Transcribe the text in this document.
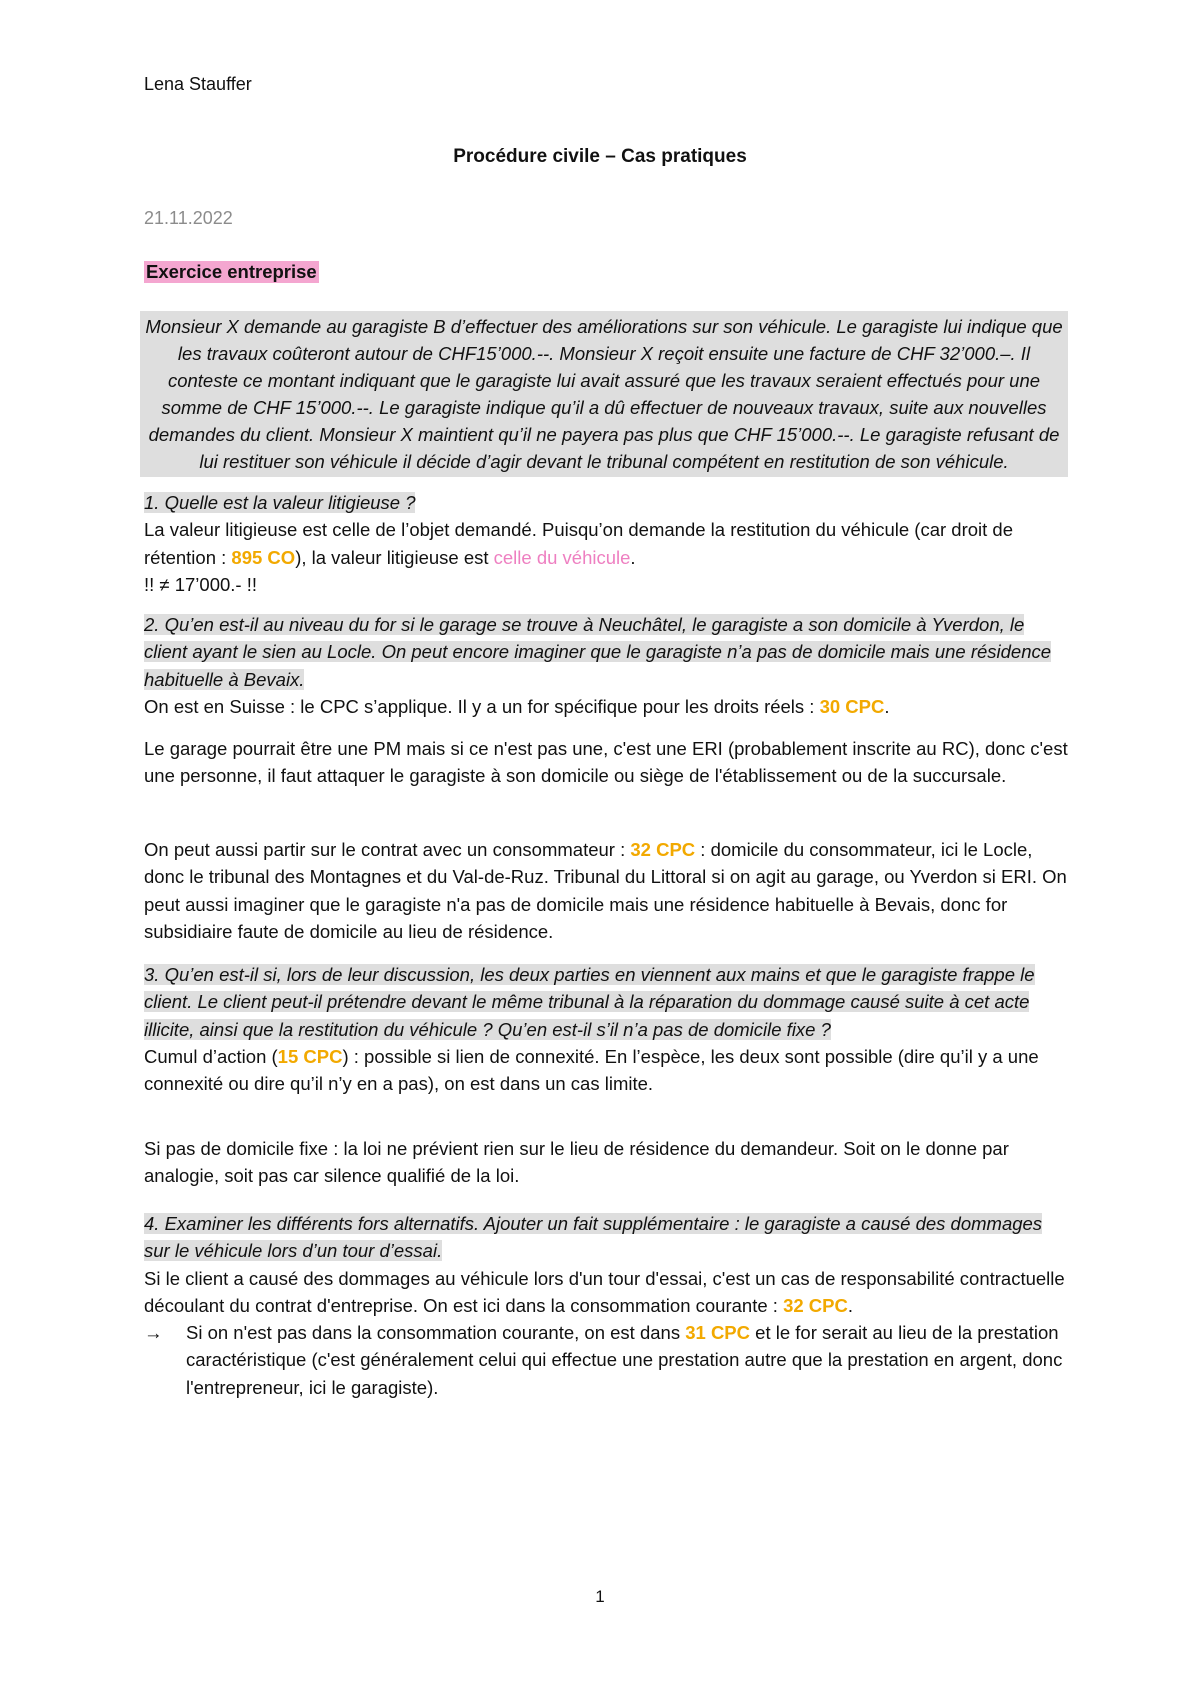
Lena Stauffer
Procédure civile – Cas pratiques
21.11.2022
Exercice entreprise
Monsieur X demande au garagiste B d’effectuer des améliorations sur son véhicule. Le garagiste lui indique que les travaux coûteront autour de CHF15’000.--. Monsieur X reçoit ensuite une facture de CHF 32’000.–. Il conteste ce montant indiquant que le garagiste lui avait assuré que les travaux seraient effectués pour une somme de CHF 15’000.--. Le garagiste indique qu’il a dû effectuer de nouveaux travaux, suite aux nouvelles demandes du client. Monsieur X maintient qu’il ne payera pas plus que CHF 15’000.--. Le garagiste refusant de lui restituer son véhicule il décide d’agir devant le tribunal compétent en restitution de son véhicule.

1. Quelle est la valeur litigieuse ?

La valeur litigieuse est celle de l’objet demandé. Puisqu’on demande la restitution du véhicule (car droit de rétention : 895 CO), la valeur litigieuse est celle du véhicule.

!! ≠ 17’000.- !!

2. Qu’en est-il au niveau du for si le garage se trouve à Neuchâtel, le garagiste a son domicile à Yverdon, le client ayant le sien au Locle. On peut encore imaginer que le garagiste n’a pas de domicile mais une résidence habituelle à Bevaix.

On est en Suisse : le CPC s’applique. Il y a un for spécifique pour les droits réels : 30 CPC.

Le garage pourrait être une PM mais si ce n'est pas une, c'est une ERI (probablement inscrite au RC), donc c'est une personne, il faut attaquer le garagiste à son domicile ou siège de l'établissement ou de la succursale.
On peut aussi partir sur le contrat avec un consommateur : 32 CPC : domicile du consommateur, ici le Locle, donc le tribunal des Montagnes et du Val-de-Ruz. Tribunal du Littoral si on agit au garage, ou Yverdon si ERI. On peut aussi imaginer que le garagiste n'a pas de domicile mais une résidence habituelle à Bevais, donc for subsidiaire faute de domicile au lieu de résidence.

3. Qu’en est-il si, lors de leur discussion, les deux parties en viennent aux mains et que le garagiste frappe le client. Le client peut-il prétendre devant le même tribunal à la réparation du dommage causé suite à cet acte illicite, ainsi que la restitution du véhicule ? Qu’en est-il s’il n’a pas de domicile fixe ?

Cumul d’action (15 CPC) : possible si lien de connexité. En l’espèce, les deux sont possible (dire qu’il y a une connexité ou dire qu’il n’y en a pas), on est dans un cas limite.

Si pas de domicile fixe : la loi ne prévient rien sur le lieu de résidence du demandeur. Soit on le donne par analogie, soit pas car silence qualifié de la loi.

4. Examiner les différents fors alternatifs. Ajouter un fait supplémentaire : le garagiste a causé des dommages sur le véhicule lors d’un tour d’essai.

Si le client a causé des dommages au véhicule lors d'un tour d'essai, c'est un cas de responsabilité contractuelle découlant du contrat d'entreprise. On est ici dans la consommation courante : 32 CPC.

→ Si on n'est pas dans la consommation courante, on est dans 31 CPC et le for serait au lieu de la prestation caractéristique (c'est généralement celui qui effectue une prestation autre que la prestation en argent, donc l'entrepreneur, ici le garagiste).

1
